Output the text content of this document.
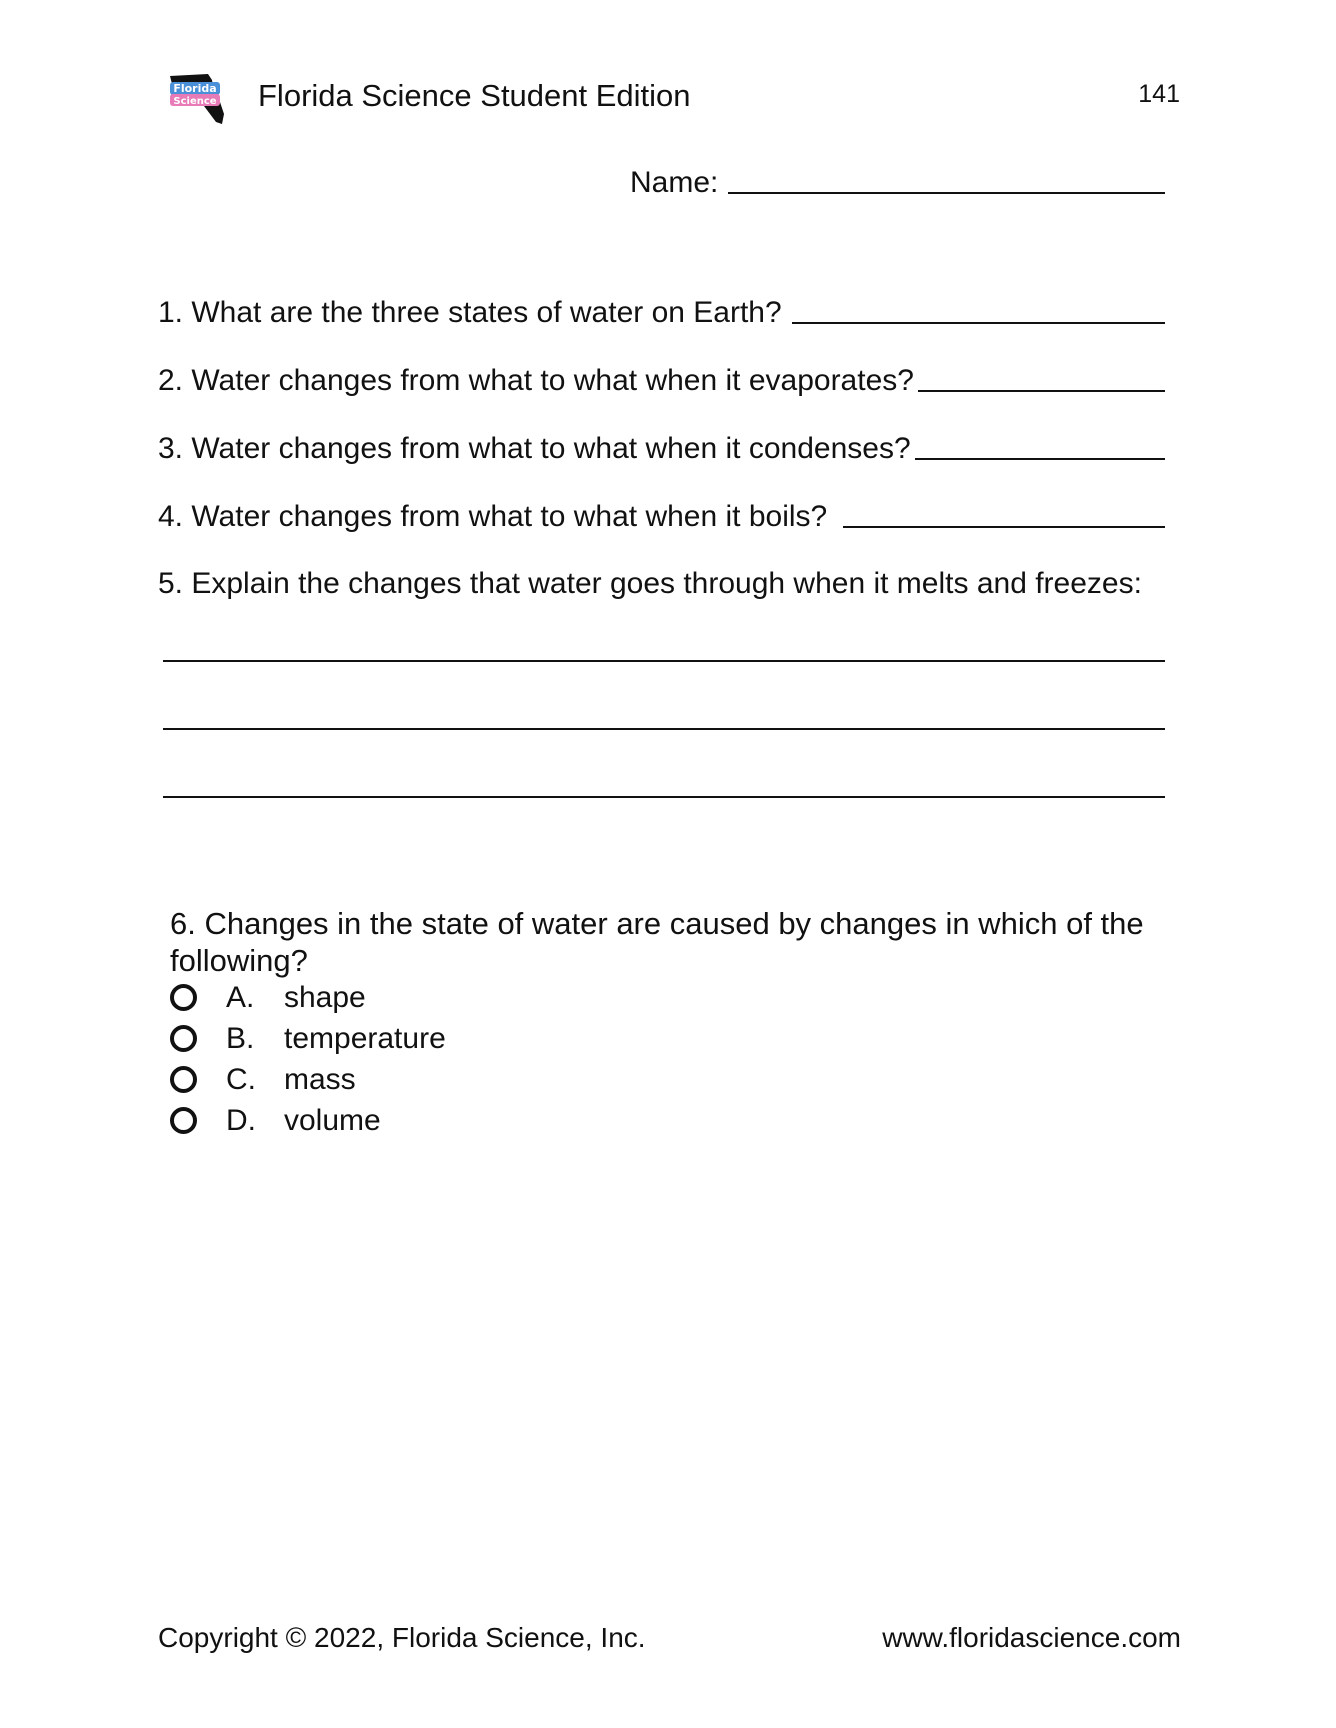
Florida
Science Florida Science Student Edition	141
Name:
1. What are the three states of water on Earth?
2. Water changes from what to what when it evaporates?
3. Water changes from what to what when it condenses?
4. Water changes from what to what when it boils?
5. Explain the changes that water goes through when it melts and freezes:
6. Changes in the state of water are caused by changes in which of the following?
A. shape
B. temperature
C. mass
D. volume
Copyright © 2022, Florida Science, Inc.	www.floridascience.com
